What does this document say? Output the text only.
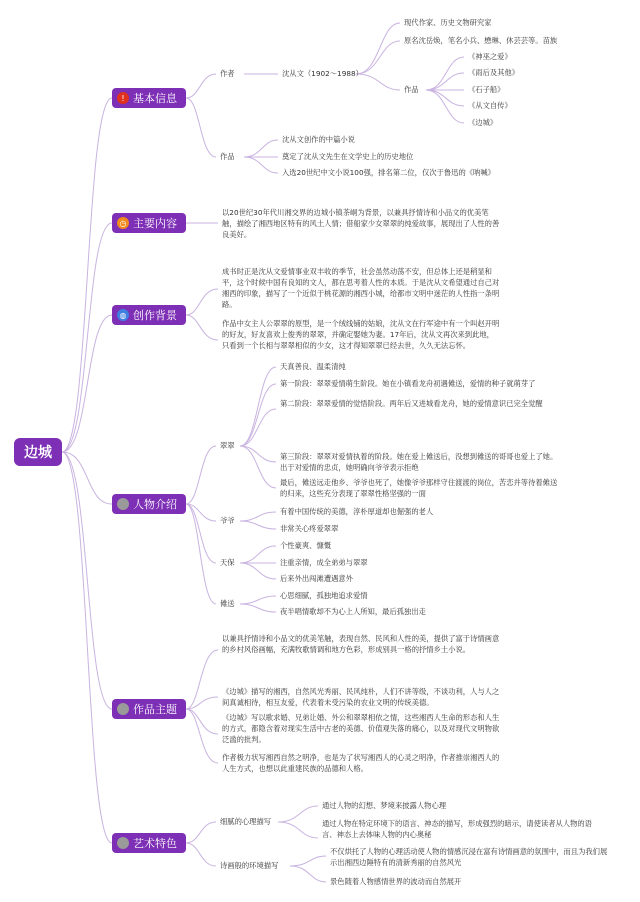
边城
! 基本信息
作者	沈从文（1902～1988）
现代作家、历史文物研究家
原名沈岳焕，笔名小兵、懋琳、休芸芸等。苗族
作品
《神巫之爱》
《雨后及其他》
《石子船》
《从文自传》
《边城》
作品
沈从文创作的中篇小说
奠定了沈从文先生在文学史上的历史地位
入选20世纪中文小说100强，排名第二位，仅次于鲁迅的《呐喊》
◷ 主要内容
以20世纪30年代川湘交界的边城小镇茶峒为背景，以兼具抒情诗和小品文的优美笔触，描绘了湘西地区特有的风土人情；借船家少女翠翠的纯爱故事，展现出了人性的善良美好。
◍ 创作背景
成书时正是沈从文爱情事业双丰收的季节，社会虽然动荡不安，但总体上还是稍显和平，这个时候中国有良知的文人，都在思考着人性的本质。于是沈从文希望通过自己对湘西的印象，描写了一个近似于桃花源的湘西小城，给都市文明中迷茫的人性指一条明路。
作品中女主人公翠翠的原型，是一个绒线铺的姑娘，沈从文在行军途中有一个叫赵开明的好友，好友喜欢上俊秀的翠翠，并确定娶她为妻。17年后，沈从文再次来到此地，只看到一个长相与翠翠相似的少女，这才得知翠翠已经去世，久久无法忘怀。
人物介绍
翠翠
天真善良、温柔清纯
第一阶段：翠翠爱情萌生阶段。她在小镇看龙舟初遇傩送，爱情的种子就萌芽了
第二阶段：翠翠爱情的觉悟阶段。两年后又进城看龙舟，她的爱情意识已完全觉醒
第三阶段：翠翠对爱情执着的阶段。她在爱上傩送后，没想到傩送的哥哥也爱上了她。出于对爱情的忠贞，她明确向爷爷表示拒绝
最后，傩送远走他乡、爷爷也死了，她像爷爷那样守住渡渡的岗位，苦恋并等待着傩送的归来，这些充分表现了翠翠性格坚强的一面
爷爷
有着中国传统的美德，淳朴厚道却也倔强的老人
非常关心疼爱翠翠
天保
个性豪爽、慷慨
注重亲情，成全弟弟与翠翠
后来外出闯滩遭遇意外
傩送
心思细腻，孤独地追求爱情
夜半唱情歌却不为心上人所知，最后孤独出走
作品主题
以兼具抒情诗和小品文的优美笔触，表现自然、民风和人性的美，提供了富于诗情画意的乡村风俗画幅，充满牧歌情调和地方色彩，形成别具一格的抒情乡土小说。
《边城》描写的湘西，自然风光秀丽、民风纯朴，人们不讲等级，不谈功利，人与人之间真诚相待，相互友爱，代表着未受污染的农业文明的传统美德。
《边城》写以歌求婚、兄弟让婚、外公和翠翠相依之情，这些湘西人生命的形态和人生的方式，都隐含着对现实生活中古老的美德、价值观失落的痛心，以及对现代文明物欲泛滥的批判。
作者极力状写湘西自然之明净，也是为了状写湘西人的心灵之明净，作者推崇湘西人的人生方式，也想以此重建民族的品德和人格。
艺术特色
细腻的心理描写
通过人物的幻想、梦境来披露人物心理
通过人物在特定环境下的语言、神态的描写，形成强烈的暗示，请使读者从人物的语言、神态上去体味人物的内心奥秘
诗画般的环境描写
不仅烘托了人物的心理活动使人物的情感沉浸在富有诗情画意的氛围中，而且为我们展示出湘西边陲特有的清新秀丽的自然风光
景色随着人物感情世界的波动而自然展开
